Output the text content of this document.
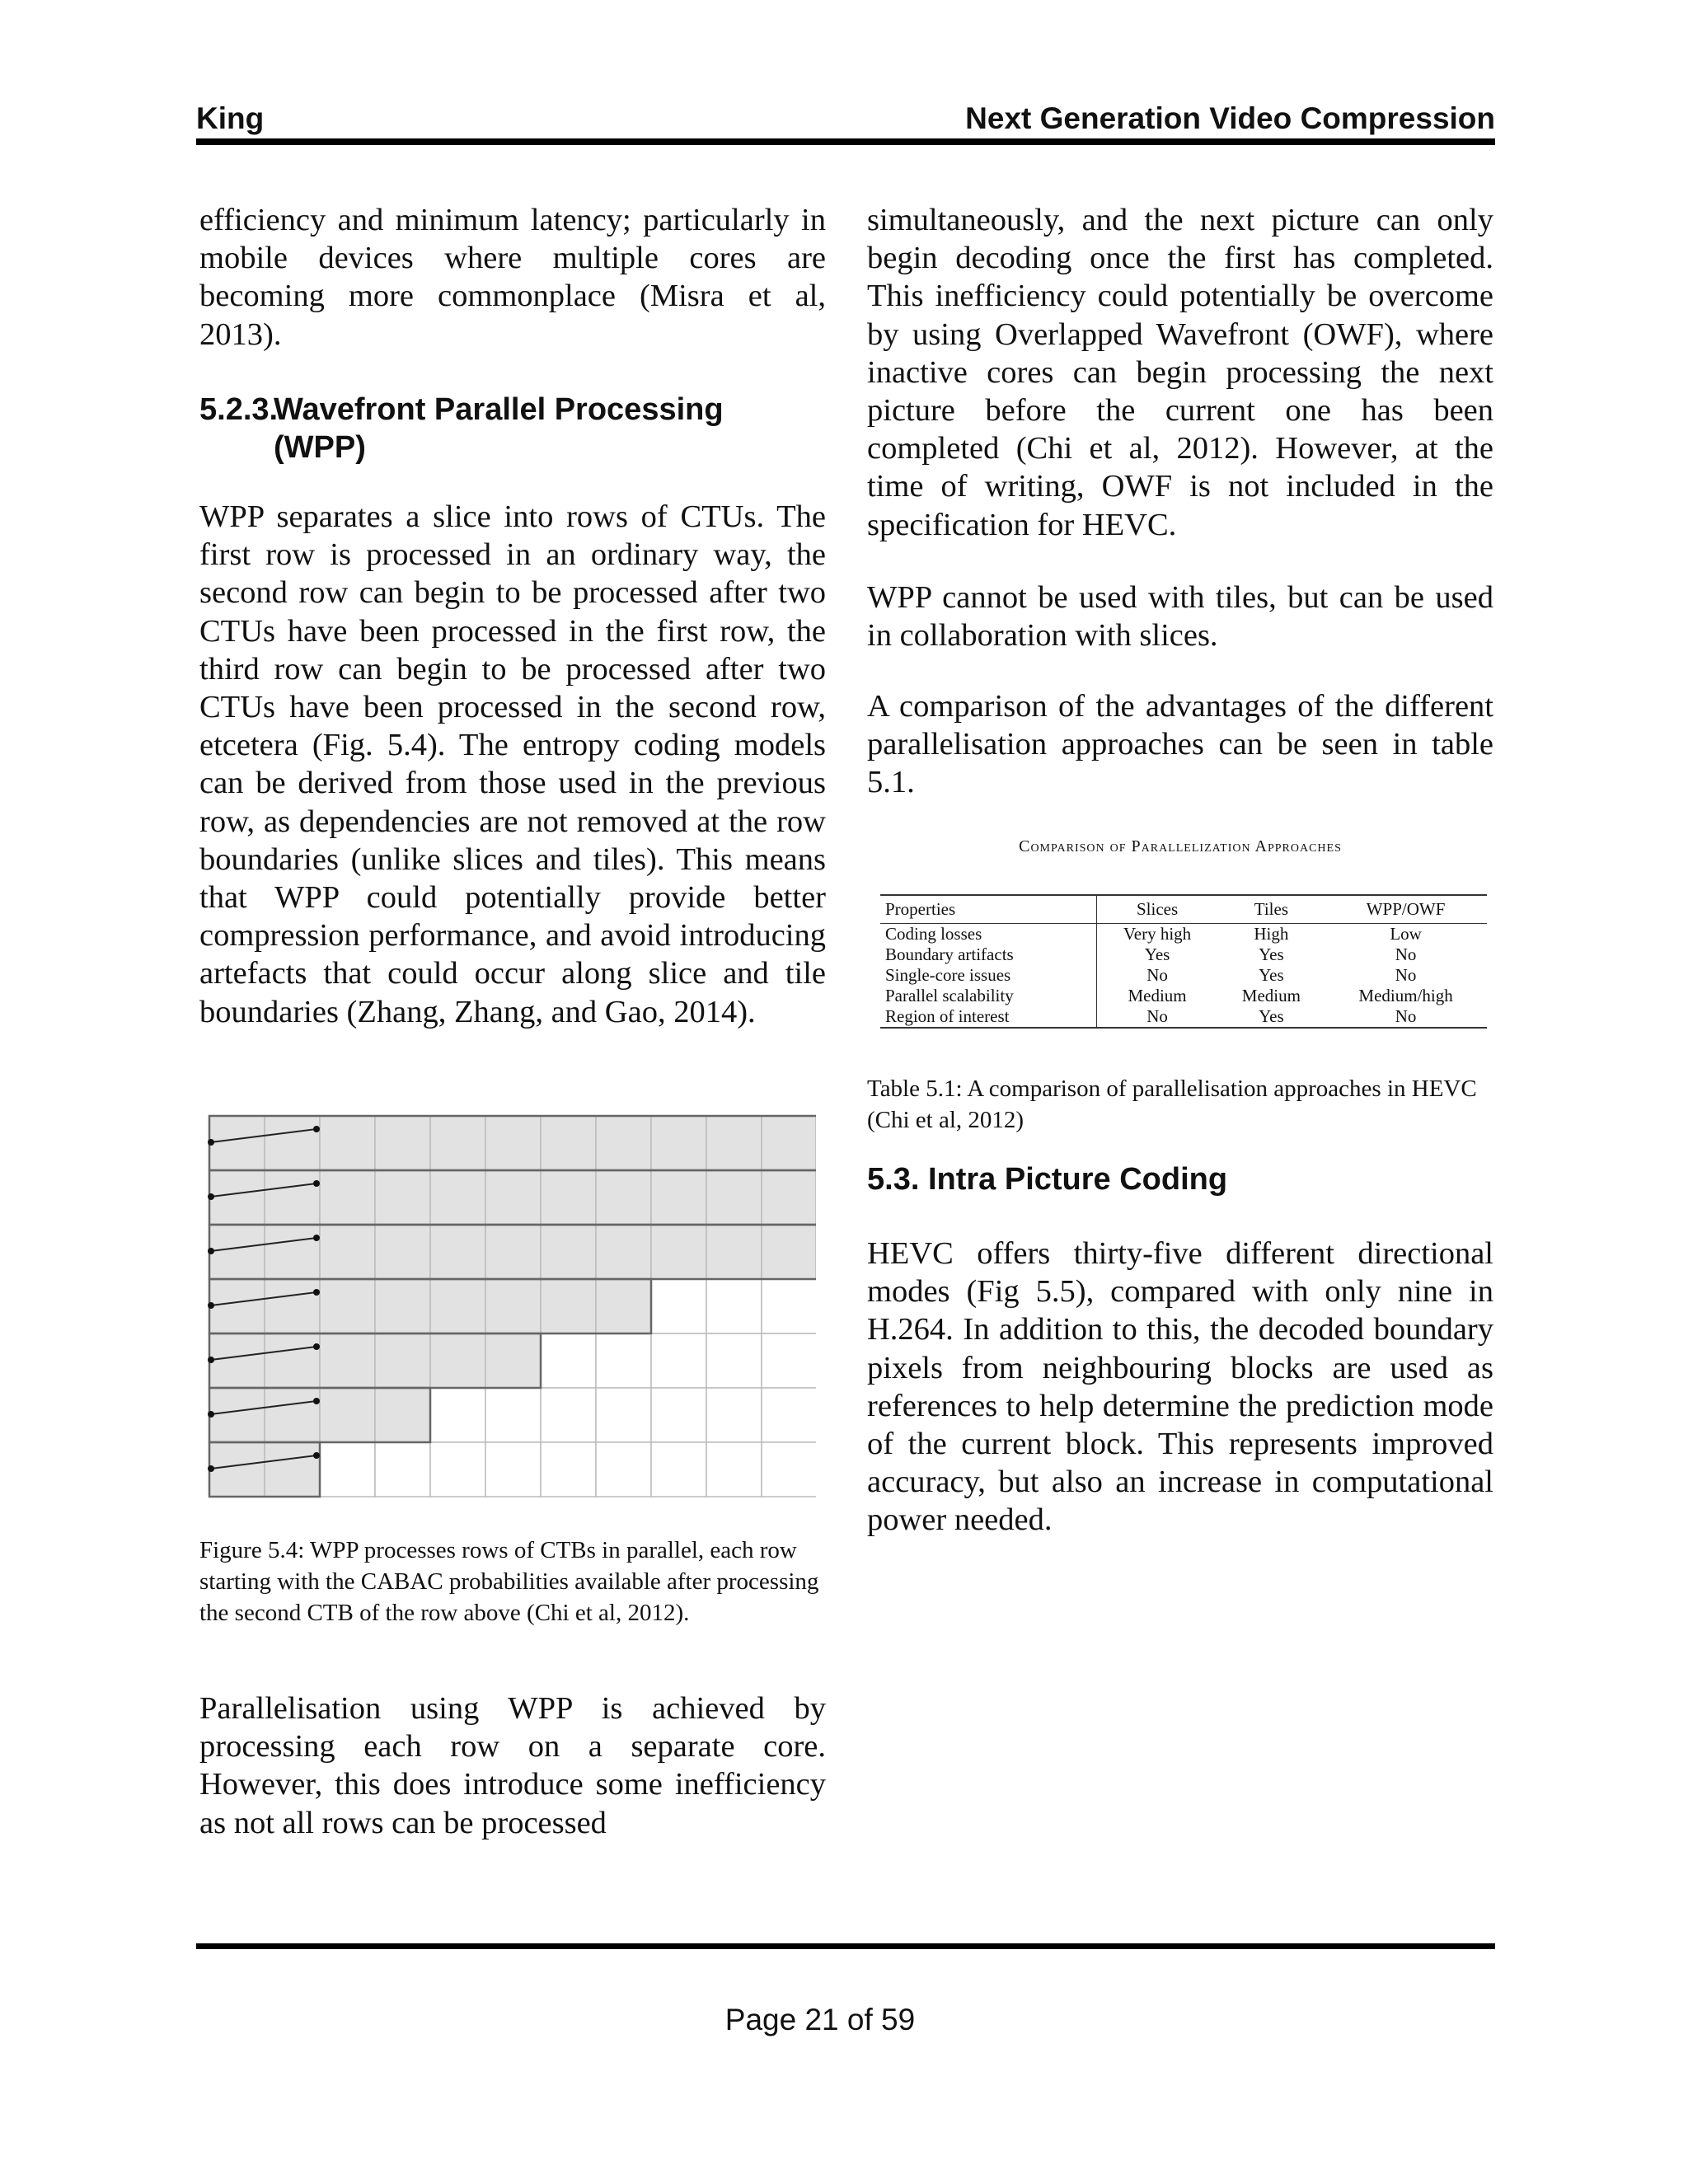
King	Next Generation Video Compression

efficiency and minimum latency; particularly in mobile devices where multiple cores are becoming more commonplace (Misra et al, 2013).

5.2.3.Wavefront Parallel Processing
(WPP)

WPP separates a slice into rows of CTUs. The first row is processed in an ordinary way, the second row can begin to be processed after two CTUs have been processed in the first row, the third row can begin to be processed after two CTUs have been processed in the second row, etcetera (Fig. 5.4). The entropy coding models can be derived from those used in the previous row, as dependencies are not removed at the row boundaries (unlike slices and tiles). This means that WPP could potentially provide better compression performance, and avoid introducing artefacts that could occur along slice and tile boundaries (Zhang, Zhang, and Gao, 2014).

Figure 5.4: WPP processes rows of CTBs in parallel, each row starting with the CABAC probabilities available after processing the second CTB of the row above (Chi et al, 2012).

Parallelisation using WPP is achieved by processing each row on a separate core. However, this does introduce some inefficiency as not all rows can be processed

simultaneously, and the next picture can only begin decoding once the first has completed. This inefficiency could potentially be overcome by using Overlapped Wavefront (OWF), where inactive cores can begin processing the next picture before the current one has been completed (Chi et al, 2012). However, at the time of writing, OWF is not included in the specification for HEVC.

WPP cannot be used with tiles, but can be used in collaboration with slices.

A comparison of the advantages of the different parallelisation approaches can be seen in table 5.1.

Comparison of Parallelization Approaches
Properties	Slices	Tiles	WPP/OWF
Coding losses	Very high	High	Low
Boundary artifacts	Yes	Yes	No
Single-core issues	No	Yes	No
Parallel scalability	Medium	Medium	Medium/high
Region of interest	No	Yes	No

Table 5.1: A comparison of parallelisation approaches in HEVC (Chi et al, 2012)

5.3. Intra Picture Coding

HEVC offers thirty-five different directional modes (Fig 5.5), compared with only nine in H.264. In addition to this, the decoded boundary pixels from neighbouring blocks are used as references to help determine the prediction mode of the current block. This represents improved accuracy, but also an increase in computational power needed.

Page 21 of 59
